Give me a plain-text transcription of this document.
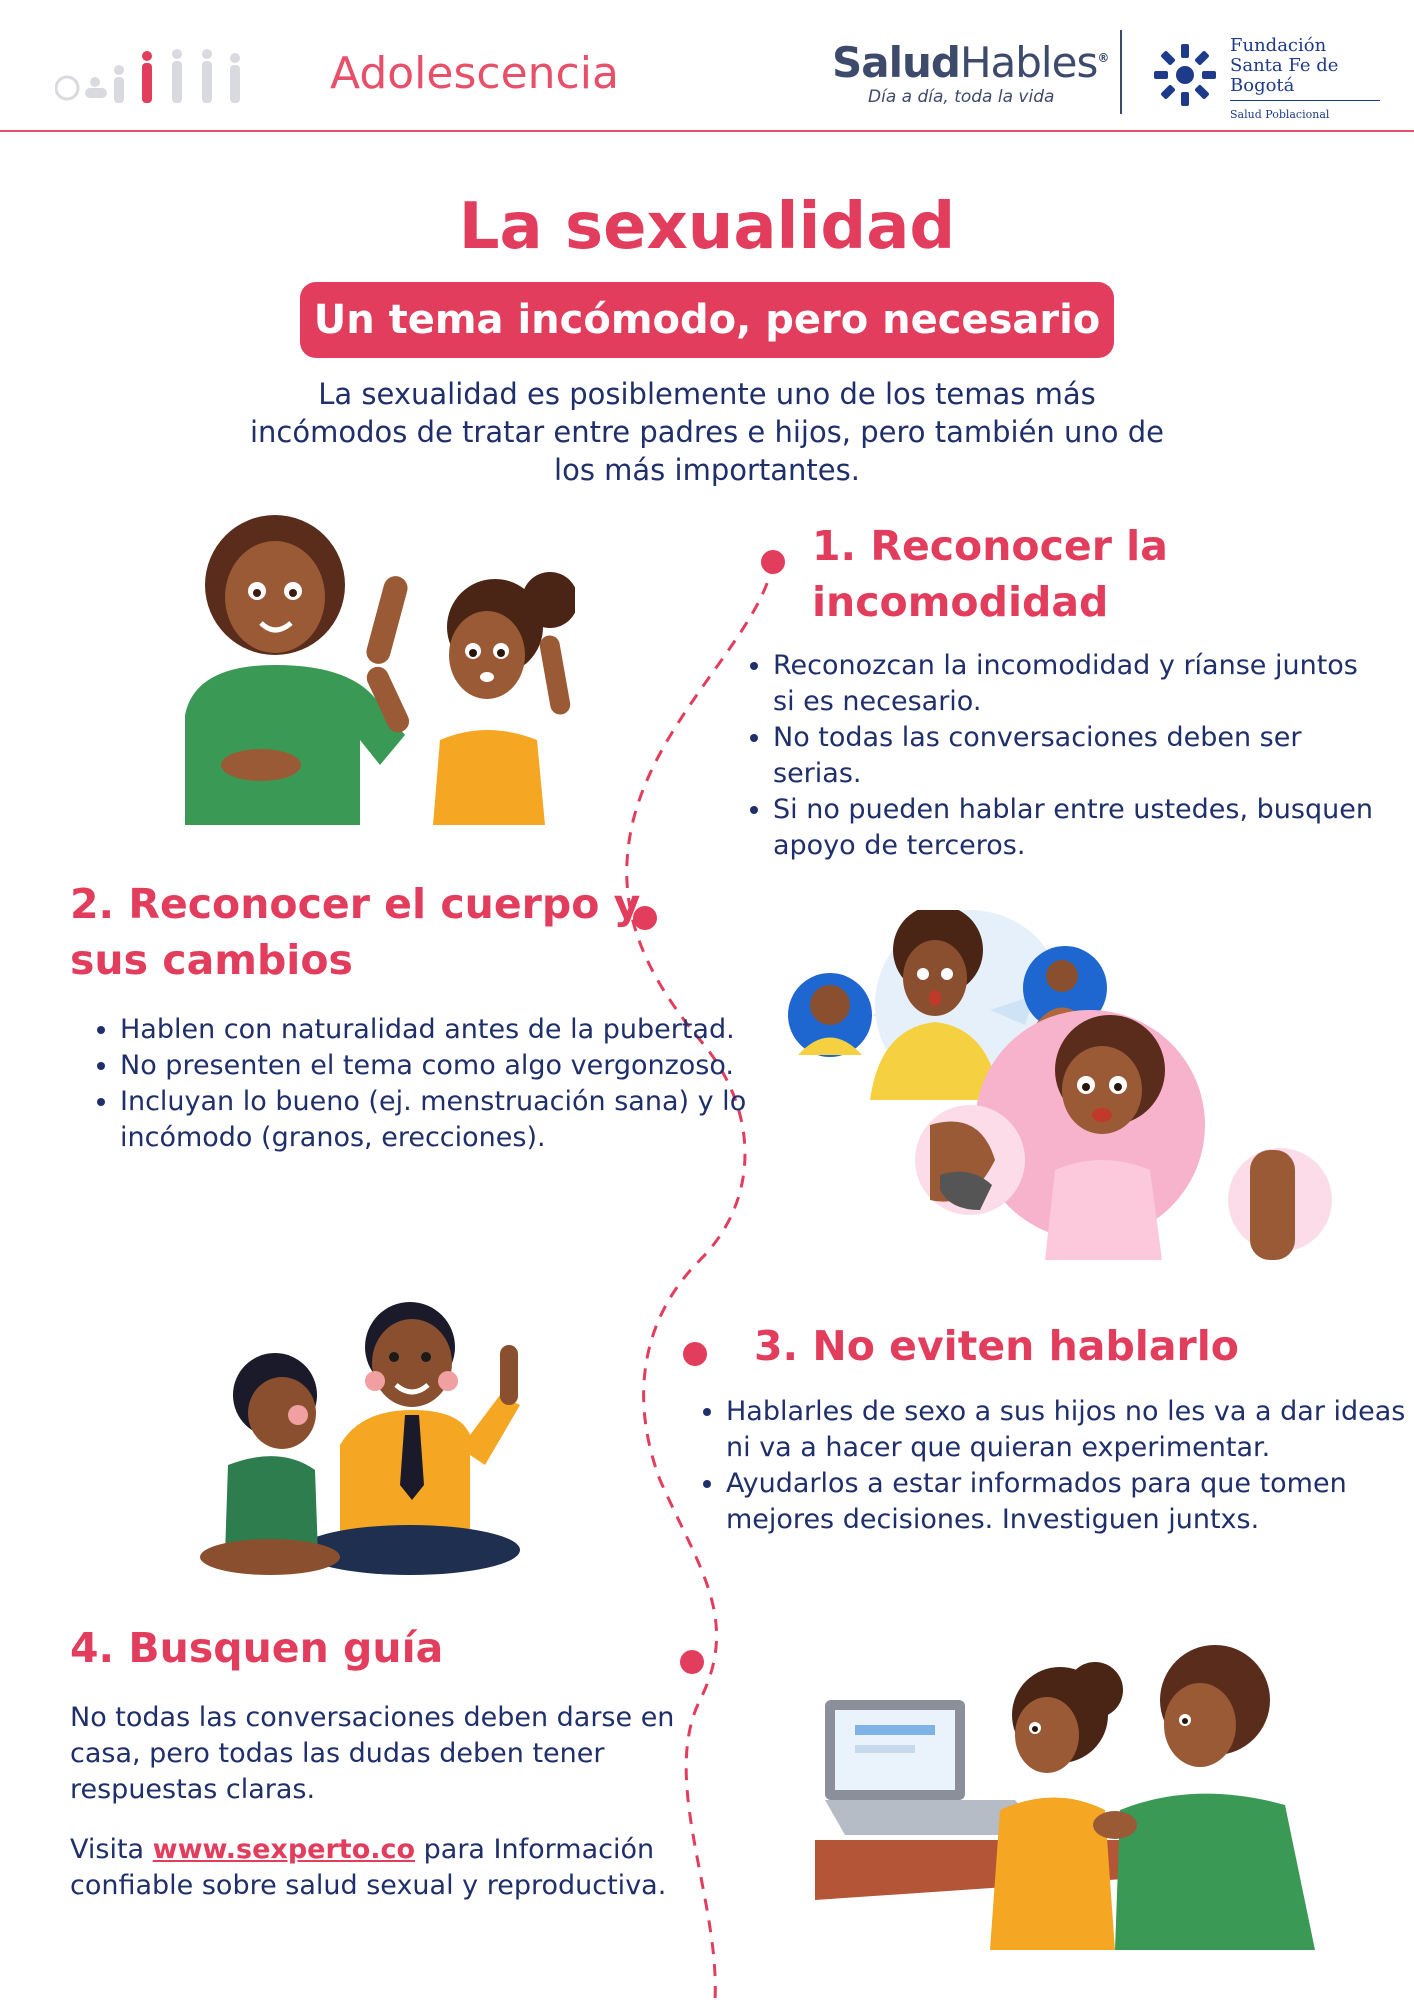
Adolescencia	SaludHables®
Día a día, toda la vida
Fundación
Santa Fe de Bogotá
Salud Poblacional
La sexualidad
Un tema incómodo, pero necesario
La sexualidad es posiblemente uno de los temas más incómodos de tratar entre padres e hijos, pero también uno de los más importantes.
1. Reconocer la incomodidad
• Reconozcan la incomodidad y ríanse juntos si es necesario.
• No todas las conversaciones deben ser serias.
• Si no pueden hablar entre ustedes, busquen apoyo de terceros.
2. Reconocer el cuerpo y sus cambios
• Hablen con naturalidad antes de la pubertad.
• No presenten el tema como algo vergonzoso.
• Incluyan lo bueno (ej. menstruación sana) y lo incómodo (granos, erecciones).
3. No eviten hablarlo
• Hablarles de sexo a sus hijos no les va a dar ideas ni va a hacer que quieran experimentar.
• Ayudarlos a estar informados para que tomen mejores decisiones. Investiguen juntxs.
4. Busquen guía

No todas las conversaciones deben darse en casa, pero todas las dudas deben tener respuestas claras.

Visita www.sexperto.co para Información confiable sobre salud sexual y reproductiva.
